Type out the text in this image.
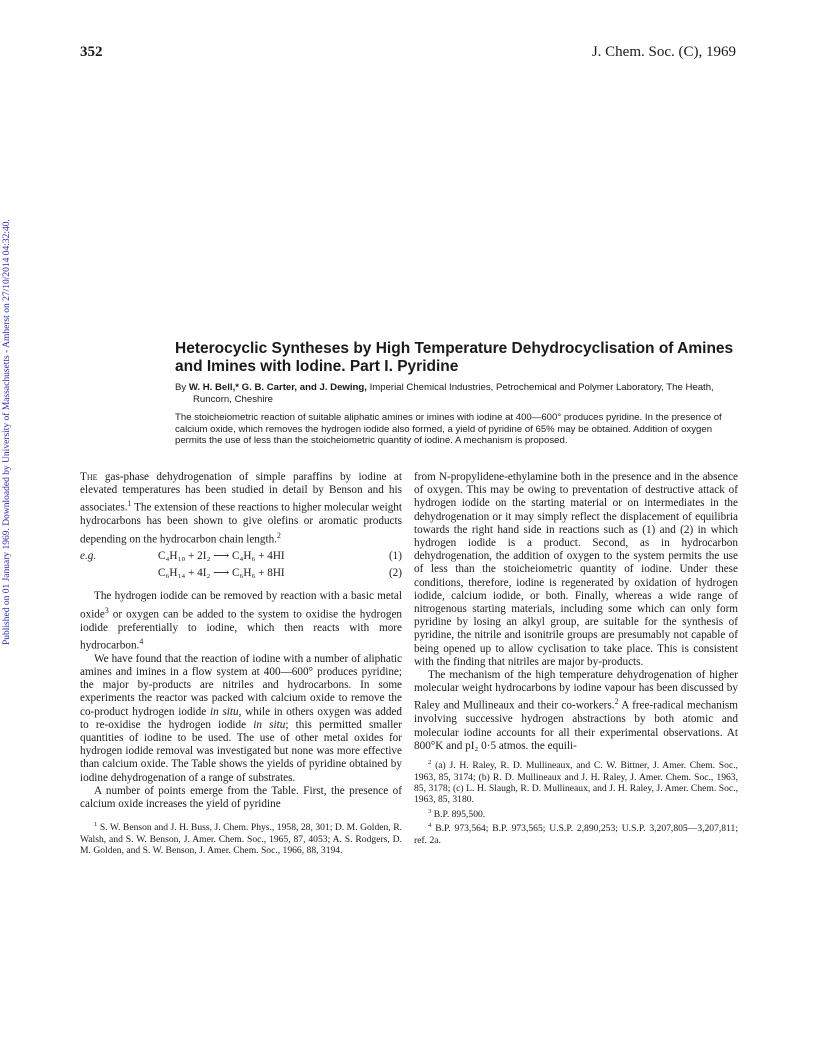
352	J. Chem. Soc. (C), 1969
Published on 01 January 1969. Downloaded by University of Massachusetts - Amherst on 27/10/2014 04:32:40.	Heterocyclic Syntheses by High Temperature Dehydrocyclisation of Amines and Imines with Iodine. Part I. Pyridine
By W. H. Bell,* G. B. Carter, and J. Dewing, Imperial Chemical Industries, Petrochemical and Polymer Laboratory, The Heath, Runcorn, Cheshire
The stoicheiometric reaction of suitable aliphatic amines or imines with iodine at 400—600° produces pyridine. In the presence of calcium oxide, which removes the hydrogen iodide also formed, a yield of pyridine of 65% may be obtained. Addition of oxygen permits the use of less than the stoicheiometric quantity of iodine. A mechanism is proposed.

The gas-phase dehydrogenation of simple paraffins by iodine at elevated temperatures has been studied in detail by Benson and his associates.$^1$ The extension of these reactions to higher molecular weight hydrocarbons has been shown to give olefins or aromatic products depending on the hydrocarbon chain length.$^2$

e.g.	C₄H₁₀ + 2I₂ ⟶ C₄H₆ + 4HI	(1)
C₆H₁₄ + 4I₂ ⟶ C₆H₆ + 8HI	(2)

The hydrogen iodide can be removed by reaction with a basic metal oxide$^3$ or oxygen can be added to the system to oxidise the hydrogen iodide preferentially to iodine, which then reacts with more hydrocarbon.$^4$

We have found that the reaction of iodine with a number of aliphatic amines and imines in a flow system at 400—600° produces pyridine; the major by-products are nitriles and hydrocarbons. In some experiments the reactor was packed with calcium oxide to remove the co-product hydrogen iodide in situ, while in others oxygen was added to re-oxidise the hydrogen iodide in situ; this permitted smaller quantities of iodine to be used. The use of other metal oxides for hydrogen iodide removal was investigated but none was more effective than calcium oxide. The Table shows the yields of pyridine obtained by iodine dehydrogenation of a range of substrates.

A number of points emerge from the Table. First, the presence of calcium oxide increases the yield of pyridine

$^1$ S. W. Benson and J. H. Buss, J. Chem. Phys., 1958, 28, 301; D. M. Golden, R. Walsh, and S. W. Benson, J. Amer. Chem. Soc., 1965, 87, 4053; A. S. Rodgers, D. M. Golden, and S. W. Benson, J. Amer. Chem. Soc., 1966, 88, 3194.

from N-propylidene-ethylamine both in the presence and in the absence of oxygen. This may be owing to preventation of destructive attack of hydrogen iodide on the starting material or on intermediates in the dehydrogenation or it may simply reflect the displacement of equilibria towards the right hand side in reactions such as (1) and (2) in which hydrogen iodide is a product. Second, as in hydrocarbon dehydrogenation, the addition of oxygen to the system permits the use of less than the stoicheiometric quantity of iodine. Under these conditions, therefore, iodine is regenerated by oxidation of hydrogen iodide, calcium iodide, or both. Finally, whereas a wide range of nitrogenous starting materials, including some which can only form pyridine by losing an alkyl group, are suitable for the synthesis of pyridine, the nitrile and isonitrile groups are presumably not capable of being opened up to allow cyclisation to take place. This is consistent with the finding that nitriles are major by-products.

The mechanism of the high temperature dehydrogenation of higher molecular weight hydrocarbons by iodine vapour has been discussed by Raley and Mullineaux and their co-workers.$^2$ A free-radical mechanism involving successive hydrogen abstractions by both atomic and molecular iodine accounts for all their experimental observations. At 800°K and pI₂ 0·5 atmos. the equili-

$^2$ (a) J. H. Raley, R. D. Mullineaux, and C. W. Bittner, J. Amer. Chem. Soc., 1963, 85, 3174; (b) R. D. Mullineaux and J. H. Raley, J. Amer. Chem. Soc., 1963, 85, 3178; (c) L. H. Slaugh, R. D. Mullineaux, and J. H. Raley, J. Amer. Chem. Soc., 1963, 85, 3180.

$^3$ B.P. 895,500.

$^4$ B.P. 973,564; B.P. 973,565; U.S.P. 2,890,253; U.S.P. 3,207,805—3,207,811; ref. 2a.
